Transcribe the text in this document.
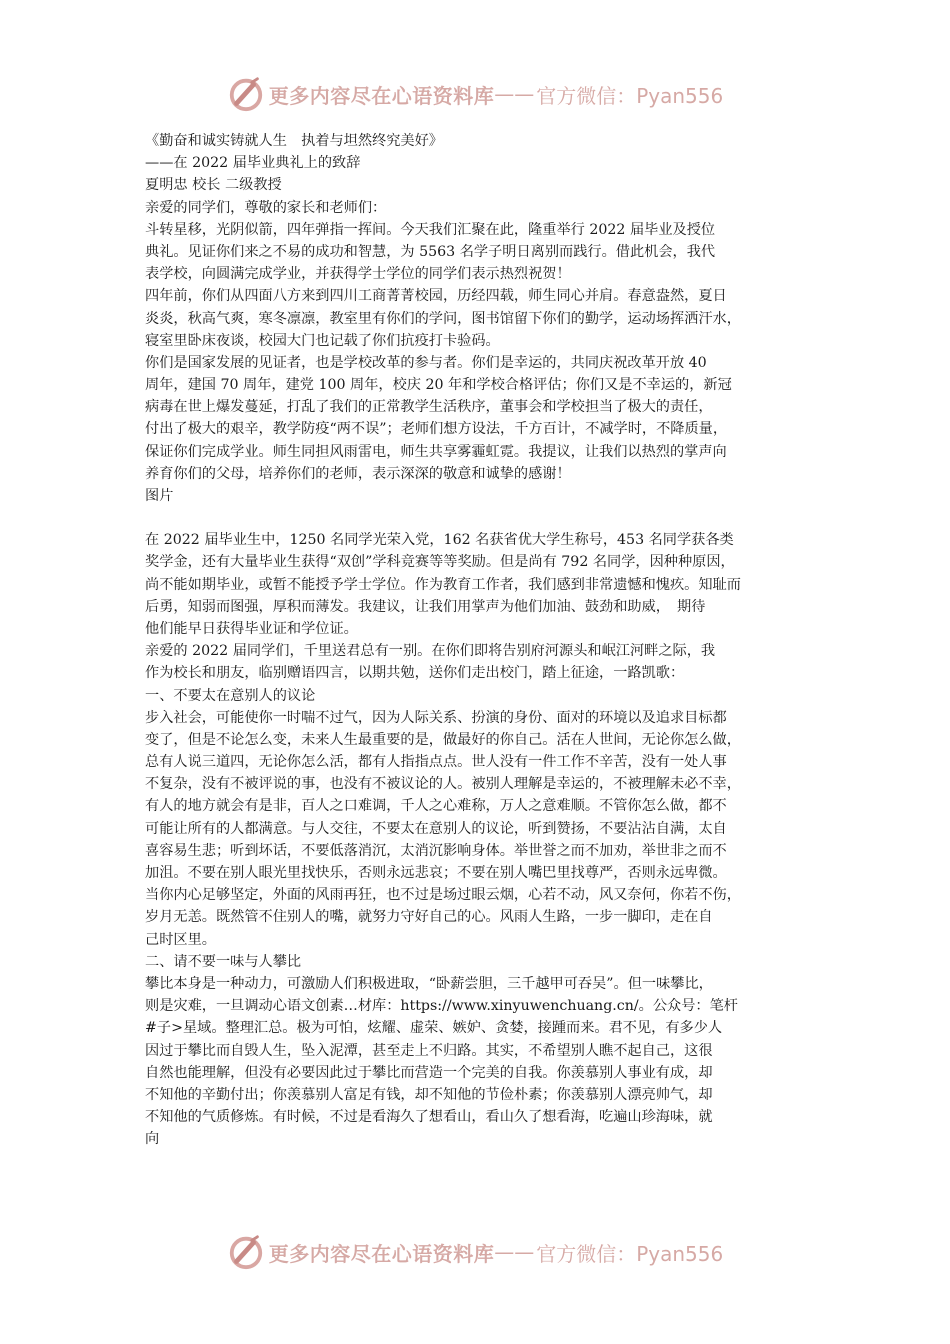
更多内容尽在心语资料库 —— 官方微信：Pyan556
《勤奋和诚实铸就人生　执着与坦然终究美好》
——在 2022 届毕业典礼上的致辞
夏明忠 校长 二级教授
亲爱的同学们，尊敬的家长和老师们：
斗转星移，光阴似箭，四年弹指一挥间。今天我们汇聚在此，隆重举行 2022 届毕业及授位
典礼。见证你们来之不易的成功和智慧，为 5563 名学子明日离别而践行。借此机会，我代
表学校，向圆满完成学业，并获得学士学位的同学们表示热烈祝贺！
四年前，你们从四面八方来到四川工商菁菁校园，历经四载，师生同心并肩。春意盎然，夏日
炎炎，秋高气爽，寒冬凛凛，教室里有你们的学问，图书馆留下你们的勤学，运动场挥洒汗水，
寝室里卧床夜谈，校园大门也记载了你们抗疫打卡验码。
你们是国家发展的见证者，也是学校改革的参与者。你们是幸运的，共同庆祝改革开放 40
周年，建国 70 周年，建党 100 周年，校庆 20 年和学校合格评估；你们又是不幸运的，新冠
病毒在世上爆发蔓延，打乱了我们的正常教学生活秩序，董事会和学校担当了极大的责任，
付出了极大的艰辛，教学防疫“两不误”；老师们想方设法，千方百计，不减学时，不降质量，
保证你们完成学业。师生同担风雨雷电，师生共享雾霾虹霓。我提议，让我们以热烈的掌声向
养育你们的父母，培养你们的老师，表示深深的敬意和诚挚的感谢！
图片
在 2022 届毕业生中，1250 名同学光荣入党，162 名获省优大学生称号，453 名同学获各类
奖学金，还有大量毕业生获得“双创”学科竞赛等等奖励。但是尚有 792 名同学，因种种原因，
尚不能如期毕业，或暂不能授予学士学位。作为教育工作者，我们感到非常遗憾和愧疚。知耻而
后勇，知弱而图强，厚积而薄发。我建议，让我们用掌声为他们加油、鼓劲和助威，　期待
他们能早日获得毕业证和学位证。
亲爱的 2022 届同学们，千里送君总有一别。在你们即将告别府河源头和岷江河畔之际，我
作为校长和朋友，临别赠语四言，以期共勉，送你们走出校门，踏上征途，一路凯歌：
一、不要太在意别人的议论
步入社会，可能使你一时喘不过气，因为人际关系、扮演的身份、面对的环境以及追求目标都
变了，但是不论怎么变，未来人生最重要的是，做最好的你自己。活在人世间，无论你怎么做，
总有人说三道四，无论你怎么活，都有人指指点点。世人没有一件工作不辛苦，没有一处人事
不复杂，没有不被评说的事，也没有不被议论的人。被别人理解是幸运的，不被理解未必不幸，
有人的地方就会有是非，百人之口难调，千人之心难称，万人之意难顺。不管你怎么做，都不
可能让所有的人都满意。与人交往，不要太在意别人的议论，听到赞扬，不要沾沾自满，太自
喜容易生悲；听到坏话，不要低落消沉，太消沉影响身体。举世誉之而不加劝，举世非之而不
加沮。不要在别人眼光里找快乐，否则永远悲哀；不要在别人嘴巴里找尊严，否则永远卑微。
当你内心足够坚定，外面的风雨再狂，也不过是场过眼云烟，心若不动，风又奈何，你若不伤，
岁月无恙。既然管不住别人的嘴，就努力守好自己的心。风雨人生路，一步一脚印，走在自
己时区里。
二、请不要一味与人攀比
攀比本身是一种动力，可激励人们积极进取，“卧薪尝胆，三千越甲可吞吴”。但一味攀比，
则是灾难，一旦调动心语文创素…材库：https://www.xinyuwenchuang.cn/。公众号：笔杆
#子>星域。整理汇总。极为可怕，炫耀、虚荣、嫉妒、贪婪，接踵而来。君不见，有多少人
因过于攀比而自毁人生，坠入泥潭，甚至走上不归路。其实，不希望别人瞧不起自己，这很
自然也能理解，但没有必要因此过于攀比而营造一个完美的自我。你羡慕别人事业有成，却
不知他的辛勤付出；你羡慕别人富足有钱，却不知他的节俭朴素；你羡慕别人漂亮帅气，却
不知他的气质修炼。有时候，不过是看海久了想看山，看山久了想看海，吃遍山珍海味，就
向
更多内容尽在心语资料库 —— 官方微信：Pyan556
